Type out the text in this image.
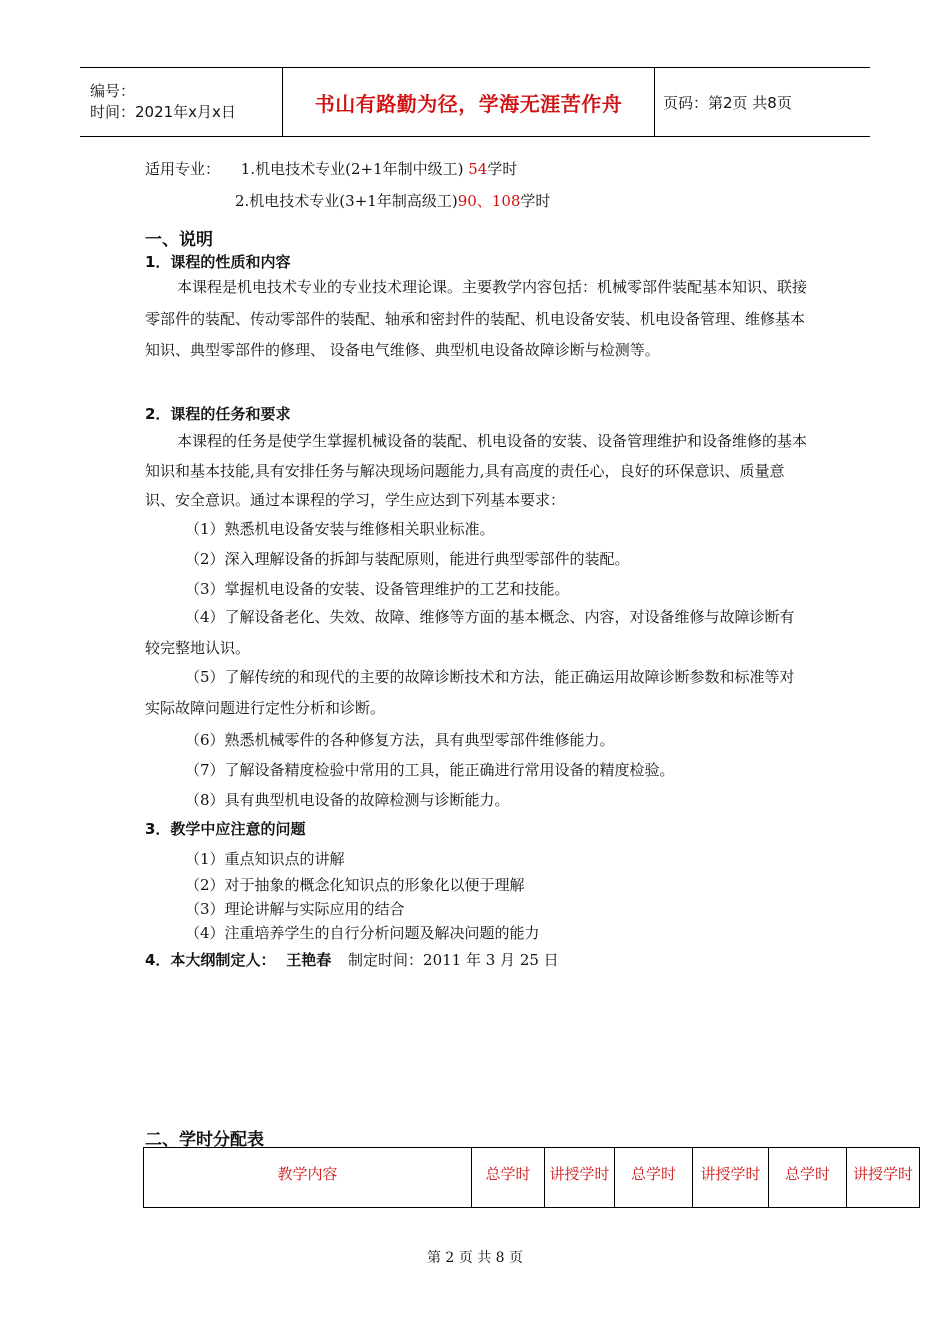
编号：
时间：2021年x月x日	书山有路勤为径，学海无涯苦作舟	页码：第2页 共8页
适用专业： 1.机电技术专业(2+1年制中级工) 54学时
2.机电技术专业(3+1年制高级工)90、108学时
一、说明
1．课程的性质和内容

本课程是机电技术专业的专业技术理论课。主要教学内容包括：机械零部件装配基本知识、联接零部件的装配、传动零部件的装配、轴承和密封件的装配、机电设备安装、机电设备管理、维修基本知识、典型零部件的修理、 设备电气维修、典型机电设备故障诊断与检测等。

2．课程的任务和要求

本课程的任务是使学生掌握机械设备的装配、机电设备的安装、设备管理维护和设备维修的基本知识和基本技能,具有安排任务与解决现场问题能力,具有高度的责任心，良好的环保意识、质量意识、安全意识。通过本课程的学习，学生应达到下列基本要求：

（1）熟悉机电设备安装与维修相关职业标准。
（2）深入理解设备的拆卸与装配原则，能进行典型零部件的装配。
（3）掌握机电设备的安装、设备管理维护的工艺和技能。

（4）了解设备老化、失效、故障、维修等方面的基本概念、内容，对设备维修与故障诊断有较完整地认识。

（5）了解传统的和现代的主要的故障诊断技术和方法，能正确运用故障诊断参数和标准等对实际故障问题进行定性分析和诊断。

（6）熟悉机械零件的各种修复方法，具有典型零部件维修能力。
（7）了解设备精度检验中常用的工具，能正确进行常用设备的精度检验。
（8）具有典型机电设备的故障检测与诊断能力。
3．教学中应注意的问题
（1）重点知识点的讲解
（2）对于抽象的概念化知识点的形象化以便于理解
（3）理论讲解与实际应用的结合
（4）注重培养学生的自行分析问题及解决问题的能力
4．本大纲制定人： 王艳春 制定时间：2011 年 3 月 25 日
二、学时分配表
教学内容	总学时	讲授学时	总学时	讲授学时	总学时	讲授学时
第 2 页 共 8 页
